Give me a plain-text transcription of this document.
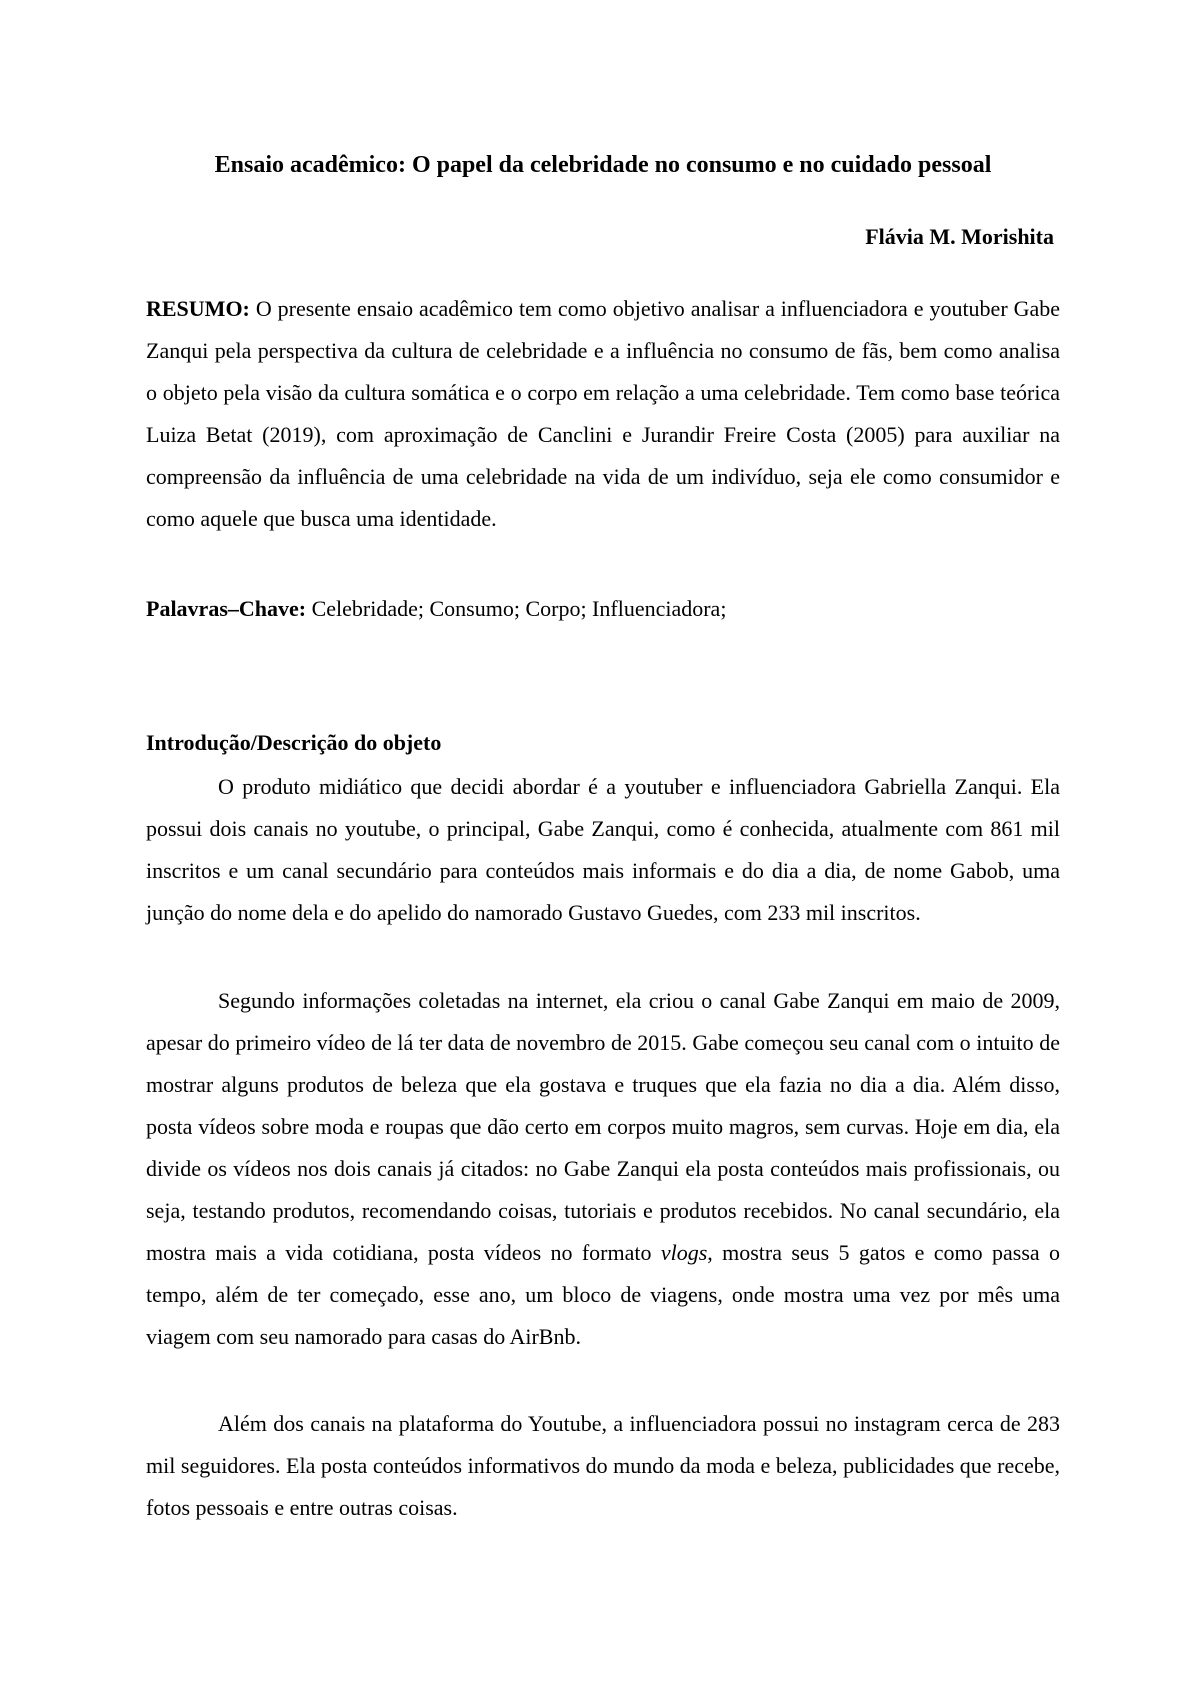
Ensaio acadêmico: O papel da celebridade no consumo e no cuidado pessoal

Flávia M. Morishita

RESUMO: O presente ensaio acadêmico tem como objetivo analisar a influenciadora e youtuber Gabe Zanqui pela perspectiva da cultura de celebridade e a influência no consumo de fãs, bem como analisa o objeto pela visão da cultura somática e o corpo em relação a uma celebridade. Tem como base teórica Luiza Betat (2019), com aproximação de Canclini e Jurandir Freire Costa (2005) para auxiliar na compreensão da influência de uma celebridade na vida de um indivíduo, seja ele como consumidor e como aquele que busca uma identidade.

Palavras–Chave: Celebridade; Consumo; Corpo; Influenciadora;

Introdução/Descrição do objeto

O produto midiático que decidi abordar é a youtuber e influenciadora Gabriella Zanqui. Ela possui dois canais no youtube, o principal, Gabe Zanqui, como é conhecida, atualmente com 861 mil inscritos e um canal secundário para conteúdos mais informais e do dia a dia, de nome Gabob, uma junção do nome dela e do apelido do namorado Gustavo Guedes, com 233 mil inscritos.

Segundo informações coletadas na internet, ela criou o canal Gabe Zanqui em maio de 2009, apesar do primeiro vídeo de lá ter data de novembro de 2015. Gabe começou seu canal com o intuito de mostrar alguns produtos de beleza que ela gostava e truques que ela fazia no dia a dia. Além disso, posta vídeos sobre moda e roupas que dão certo em corpos muito magros, sem curvas. Hoje em dia, ela divide os vídeos nos dois canais já citados: no Gabe Zanqui ela posta conteúdos mais profissionais, ou seja, testando produtos, recomendando coisas, tutoriais e produtos recebidos. No canal secundário, ela mostra mais a vida cotidiana, posta vídeos no formato vlogs, mostra seus 5 gatos e como passa o tempo, além de ter começado, esse ano, um bloco de viagens, onde mostra uma vez por mês uma viagem com seu namorado para casas do AirBnb.

Além dos canais na plataforma do Youtube, a influenciadora possui no instagram cerca de 283 mil seguidores. Ela posta conteúdos informativos do mundo da moda e beleza, publicidades que recebe, fotos pessoais e entre outras coisas.
